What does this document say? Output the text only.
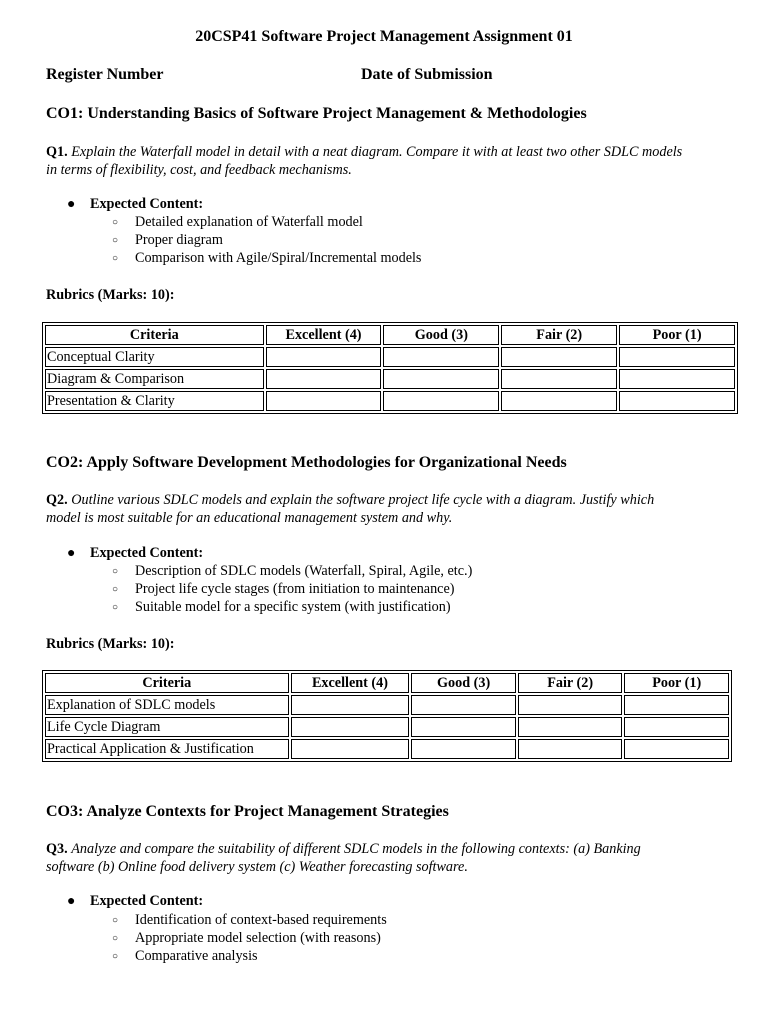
20CSP41 Software Project Management Assignment 01
Register Number	Date of Submission
CO1: Understanding Basics of Software Project Management & Methodologies
Q1. Explain the Waterfall model in detail with a neat diagram. Compare it with at least two other SDLC models
in terms of flexibility, cost, and feedback mechanisms.
● Expected Content:
○ Detailed explanation of Waterfall model
○ Proper diagram
○ Comparison with Agile/Spiral/Incremental models
Rubrics (Marks: 10):
Criteria	Excellent (4)	Good (3)	Fair (2)	Poor (1)
Conceptual Clarity				
Diagram & Comparison				
Presentation & Clarity				
CO2: Apply Software Development Methodologies for Organizational Needs
Q2. Outline various SDLC models and explain the software project life cycle with a diagram. Justify which
model is most suitable for an educational management system and why.
● Expected Content:
○ Description of SDLC models (Waterfall, Spiral, Agile, etc.)
○ Project life cycle stages (from initiation to maintenance)
○ Suitable model for a specific system (with justification)
Rubrics (Marks: 10):
Criteria	Excellent (4)	Good (3)	Fair (2)	Poor (1)
Explanation of SDLC models				
Life Cycle Diagram				
Practical Application & Justification				
CO3: Analyze Contexts for Project Management Strategies
Q3. Analyze and compare the suitability of different SDLC models in the following contexts: (a) Banking
software (b) Online food delivery system (c) Weather forecasting software.
● Expected Content:
○ Identification of context-based requirements
○ Appropriate model selection (with reasons)
○ Comparative analysis
